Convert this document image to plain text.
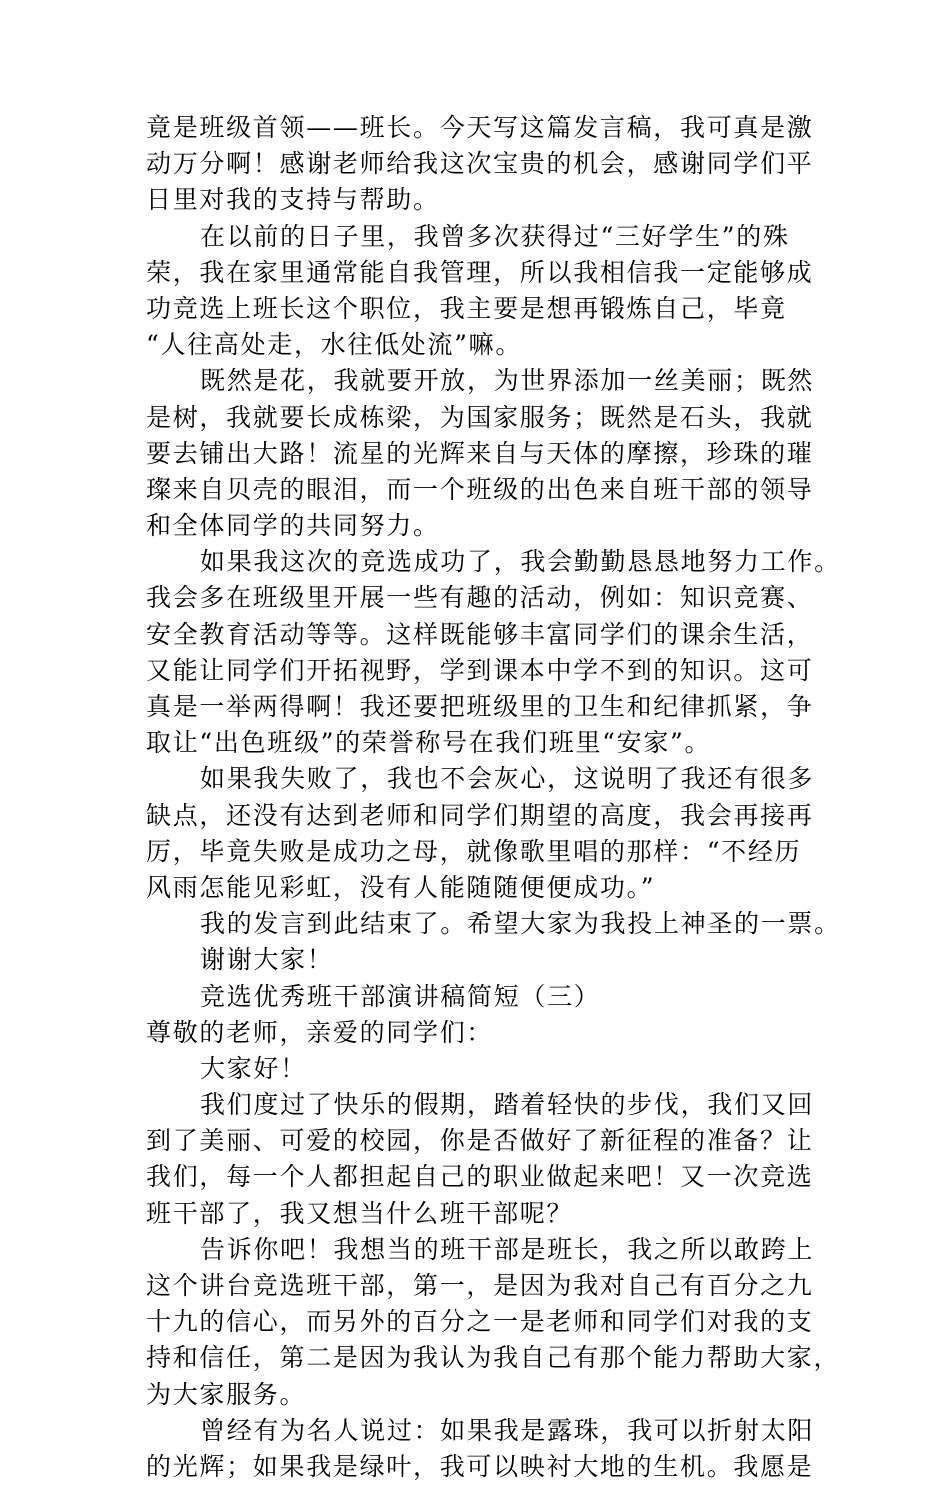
竟是班级首领——班长。今天写这篇发言稿，我可真是激
动万分啊！感谢老师给我这次宝贵的机会，感谢同学们平
日里对我的支持与帮助。
在以前的日子里，我曾多次获得过“三好学生”的殊
荣，我在家里通常能自我管理，所以我相信我一定能够成
功竞选上班长这个职位，我主要是想再锻炼自己，毕竟
“人往高处走，水往低处流”嘛。
既然是花，我就要开放，为世界添加一丝美丽；既然
是树，我就要长成栋梁，为国家服务；既然是石头，我就
要去铺出大路！流星的光辉来自与天体的摩擦，珍珠的璀
璨来自贝壳的眼泪，而一个班级的出色来自班干部的领导
和全体同学的共同努力。
如果我这次的竞选成功了，我会勤勤恳恳地努力工作。
我会多在班级里开展一些有趣的活动，例如：知识竞赛、
安全教育活动等等。这样既能够丰富同学们的课余生活，
又能让同学们开拓视野，学到课本中学不到的知识。这可
真是一举两得啊！我还要把班级里的卫生和纪律抓紧，争
取让“出色班级”的荣誉称号在我们班里“安家”。
如果我失败了，我也不会灰心，这说明了我还有很多
缺点，还没有达到老师和同学们期望的高度，我会再接再
厉，毕竟失败是成功之母，就像歌里唱的那样：“不经历
风雨怎能见彩虹，没有人能随随便便成功。”
我的发言到此结束了。希望大家为我投上神圣的一票。
谢谢大家！
竞选优秀班干部演讲稿简短（三）
尊敬的老师，亲爱的同学们：
大家好！
我们度过了快乐的假期，踏着轻快的步伐，我们又回
到了美丽、可爱的校园，你是否做好了新征程的准备？让
我们，每一个人都担起自己的职业做起来吧！又一次竞选
班干部了，我又想当什么班干部呢？
告诉你吧！我想当的班干部是班长，我之所以敢跨上
这个讲台竞选班干部，第一，是因为我对自己有百分之九
十九的信心，而另外的百分之一是老师和同学们对我的支
持和信任，第二是因为我认为我自己有那个能力帮助大家，
为大家服务。
曾经有为名人说过：如果我是露珠，我可以折射太阳
的光辉；如果我是绿叶，我可以映衬大地的生机。我愿是
